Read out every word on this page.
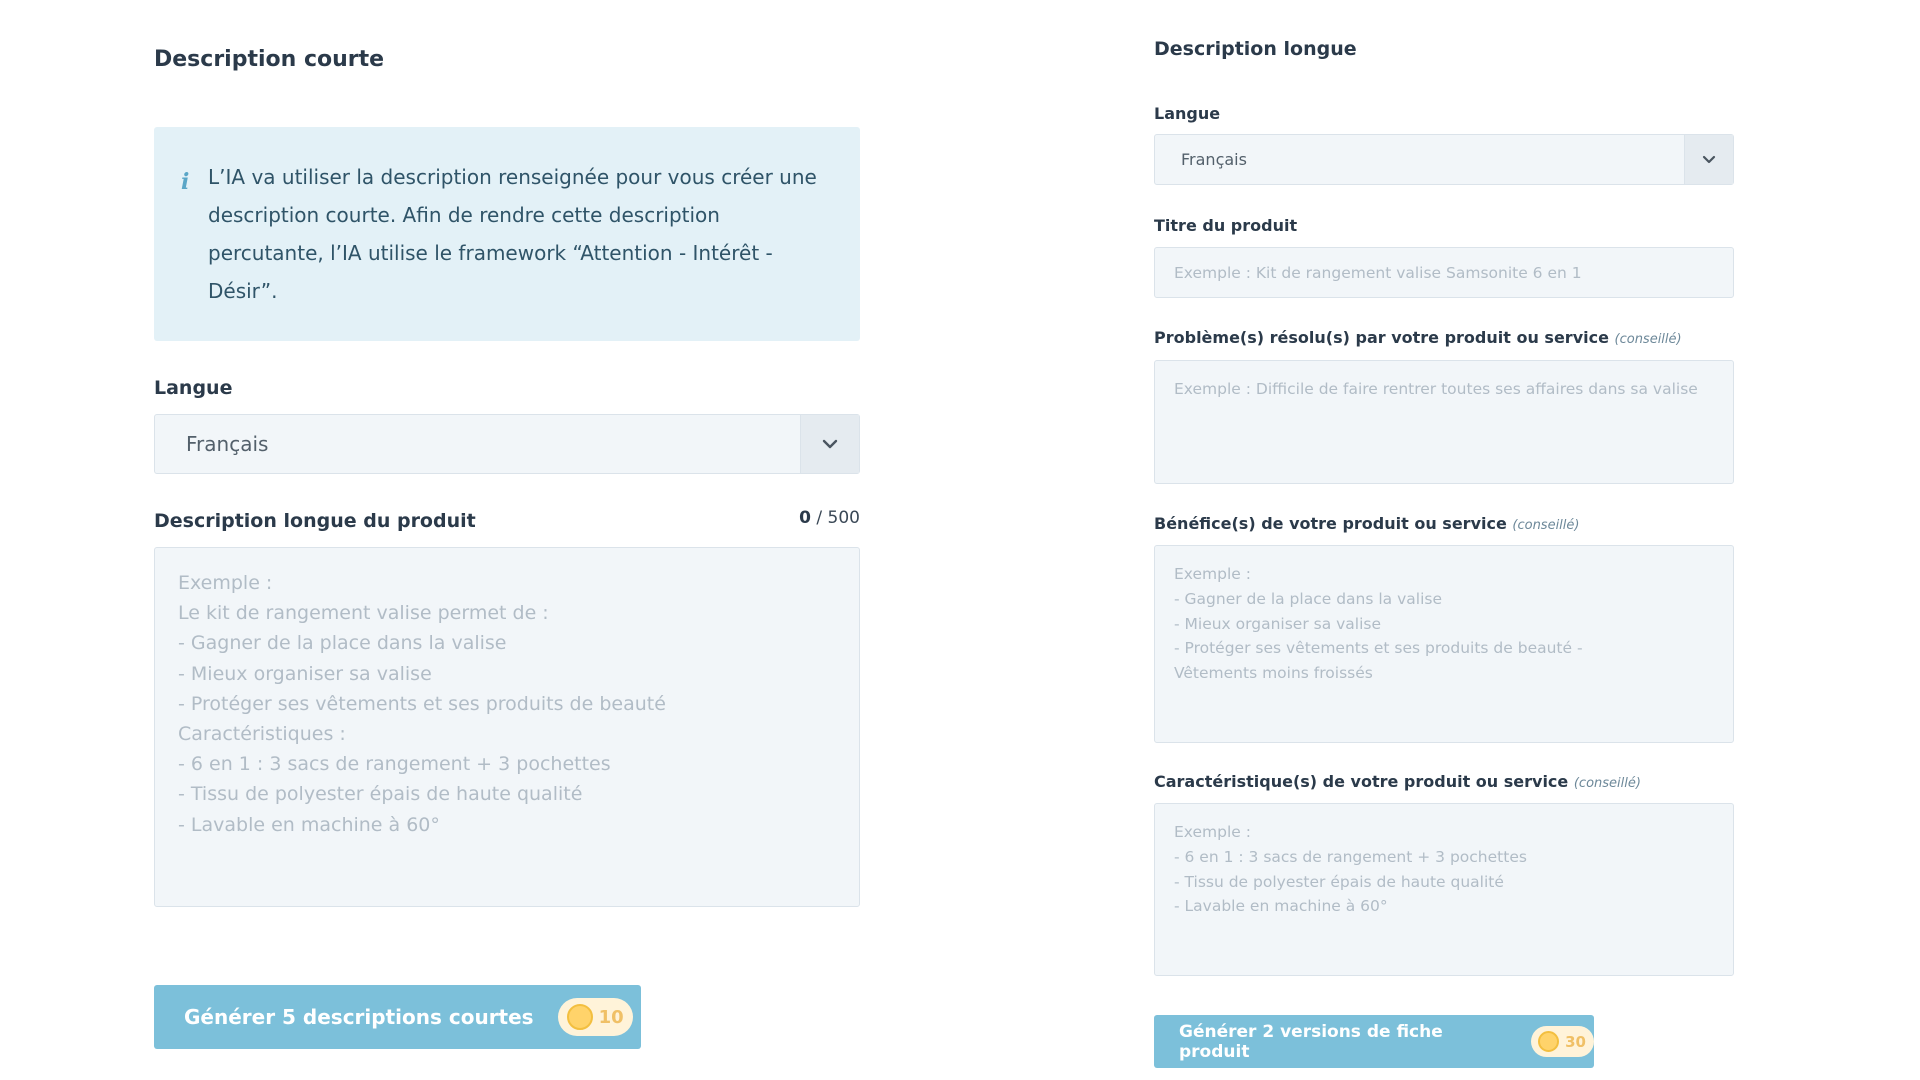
Description courte
i L’IA va utiliser la description renseignée pour vous créer une description courte. Afin de rendre cette description percutante, l’IA utilise le framework “Attention - Intérêt - Désir”.
Langue
Français
Description longue du produit	0 / 500
Exemple :
Le kit de rangement valise permet de :
- Gagner de la place dans la valise
- Mieux organiser sa valise
- Protéger ses vêtements et ses produits de beauté
Caractéristiques :
- 6 en 1 : 3 sacs de rangement + 3 pochettes
- Tissu de polyester épais de haute qualité
- Lavable en machine à 60°
Générer 5 descriptions courtes	10
Description longue
Langue
Français
Titre du produit
Exemple : Kit de rangement valise Samsonite 6 en 1
Problème(s) résolu(s) par votre produit ou service (conseillé)
Exemple : Difficile de faire rentrer toutes ses affaires dans sa valise
Bénéfice(s) de votre produit ou service (conseillé)
Exemple :
- Gagner de la place dans la valise
- Mieux organiser sa valise
- Protéger ses vêtements et ses produits de beauté -
Vêtements moins froissés
Caractéristique(s) de votre produit ou service (conseillé)
Exemple :
- 6 en 1 : 3 sacs de rangement + 3 pochettes
- Tissu de polyester épais de haute qualité
- Lavable en machine à 60°
Générer 2 versions de fiche produit	30
